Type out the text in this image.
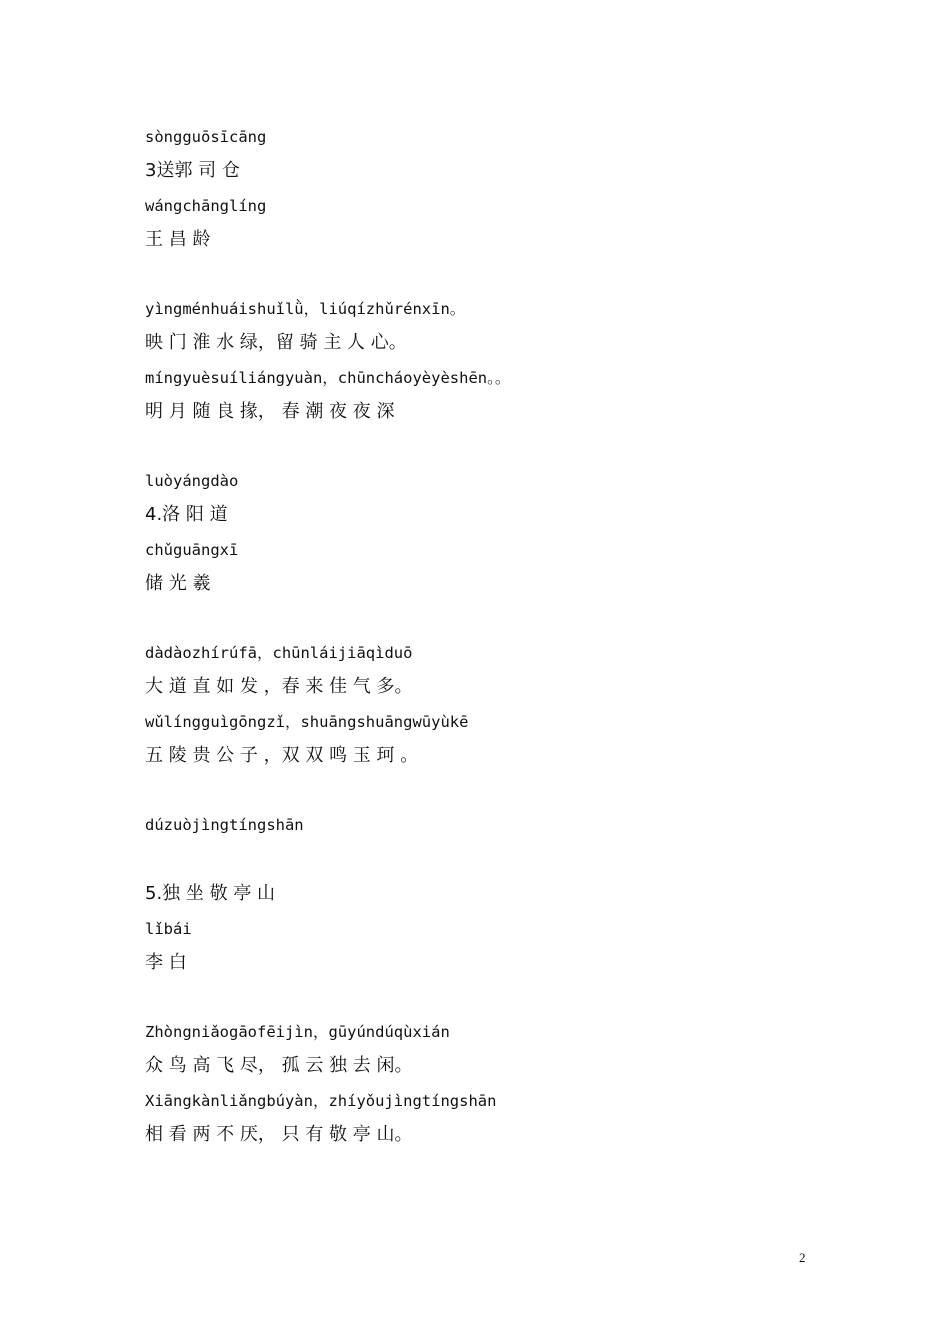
sòngguōsīcāng
3送郭 司 仓
wángchānglíng
王 昌 龄
yìngménhuáishuǐlǜ，liúqízhǔrénxīn。
映 门 淮 水 绿，留 骑 主 人 心。
míngyuèsuíliángyuàn，chūncháoyèyèshēn。。
明 月 随 良 掾， 春 潮 夜 夜 深
luòyángdào
4.洛 阳 道
chǔguāngxī
储 光 羲
dàdàozhírúfā，chūnláijiāqìduō
大 道 直 如 发 ，春 来 佳 气 多。
wǔlíngguìgōngzǐ，shuāngshuāngwūyùkē
五 陵 贵 公 子 ，双 双 鸣 玉 珂 。
dúzuòjìngtíngshān
5.独 坐 敬 亭 山
lǐbái
李 白
Zhòngniǎogāofēijìn，gūyúndúqùxián
众 鸟 高 飞 尽， 孤 云 独 去 闲。
Xiāngkànliǎngbúyàn，zhíyǒujìngtíngshān
相 看 两 不 厌， 只 有 敬 亭 山。
2
